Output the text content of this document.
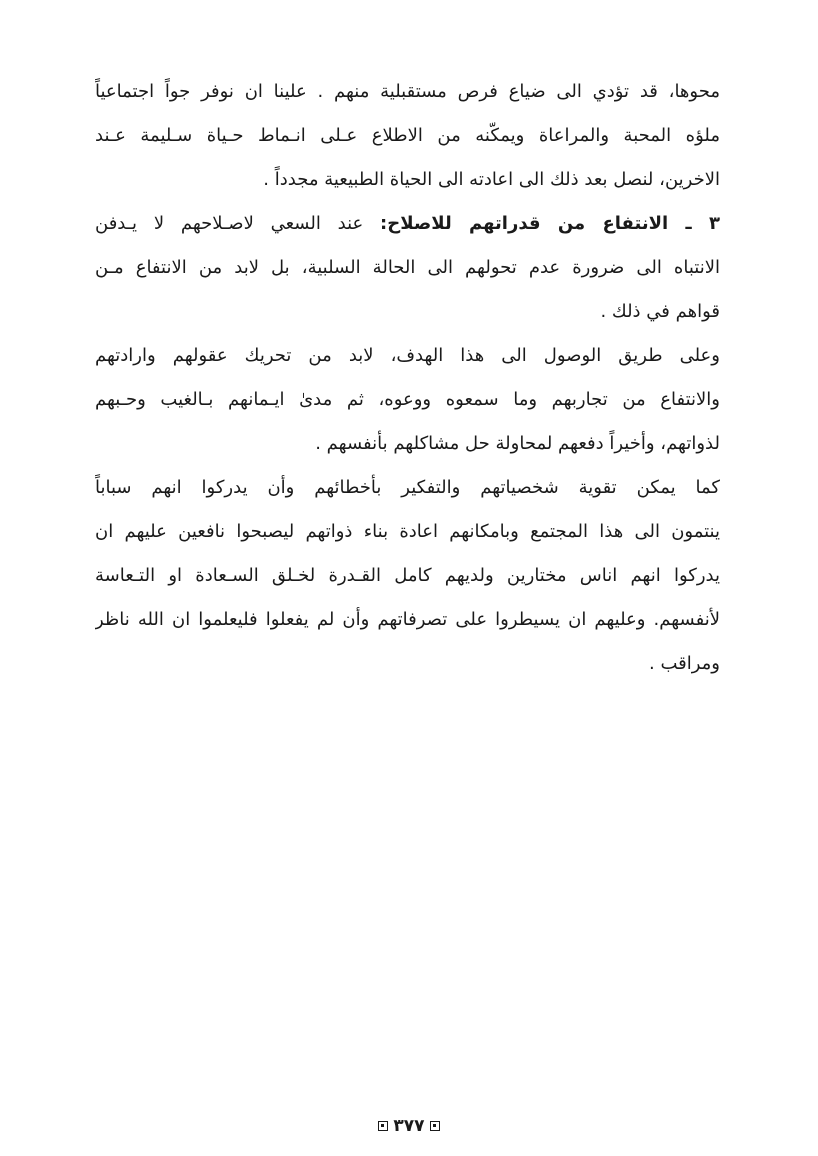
محوها، قد تؤدي الى ضياع فرص مستقبلية منهم . علينا ان نوفر جواً اجتماعياً
ملؤه المحبة والمراعاة ويمكّنه من الاطلاع عـلى انـماط حـياة سـليمة عـند
الاخرين، لنصل بعد ذلك الى اعادته الى الحياة الطبيعية مجدداً .
٣ ـ الانتفاع من قدراتهم للاصلاح: عند السعي لاصـلاحهم لا يـدفن
الانتباه الى ضرورة عدم تحولهم الى الحالة السلبية، بل لابد من الانتفاع مـن
قواهم في ذلك .
وعلى طريق الوصول الى هذا الهدف، لابد من تحريك عقولهم وارادتهم
والانتفاع من تجاربهم وما سمعوه ووعوه، ثم مدىٰ ايـمانهم بـالغيب وحـبهم
لذواتهم، وأخيراً دفعهم لمحاولة حل مشاكلهم بأنفسهم .
كما يمكن تقوية شخصياتهم والتفكير بأخطائهم وأن يدركوا انهم سباباً
ينتمون الى هذا المجتمع وبامكانهم اعادة بناء ذواتهم ليصبحوا نافعين عليهم ان
يدركوا انهم اناس مختارين ولديهم كامل القـدرة لخـلق السـعادة او التـعاسة
لأنفسهم. وعليهم ان يسيطروا على تصرفاتهم وأن لم يفعلوا فليعلموا ان الله ناظر
ومراقب .
٣٧٧
